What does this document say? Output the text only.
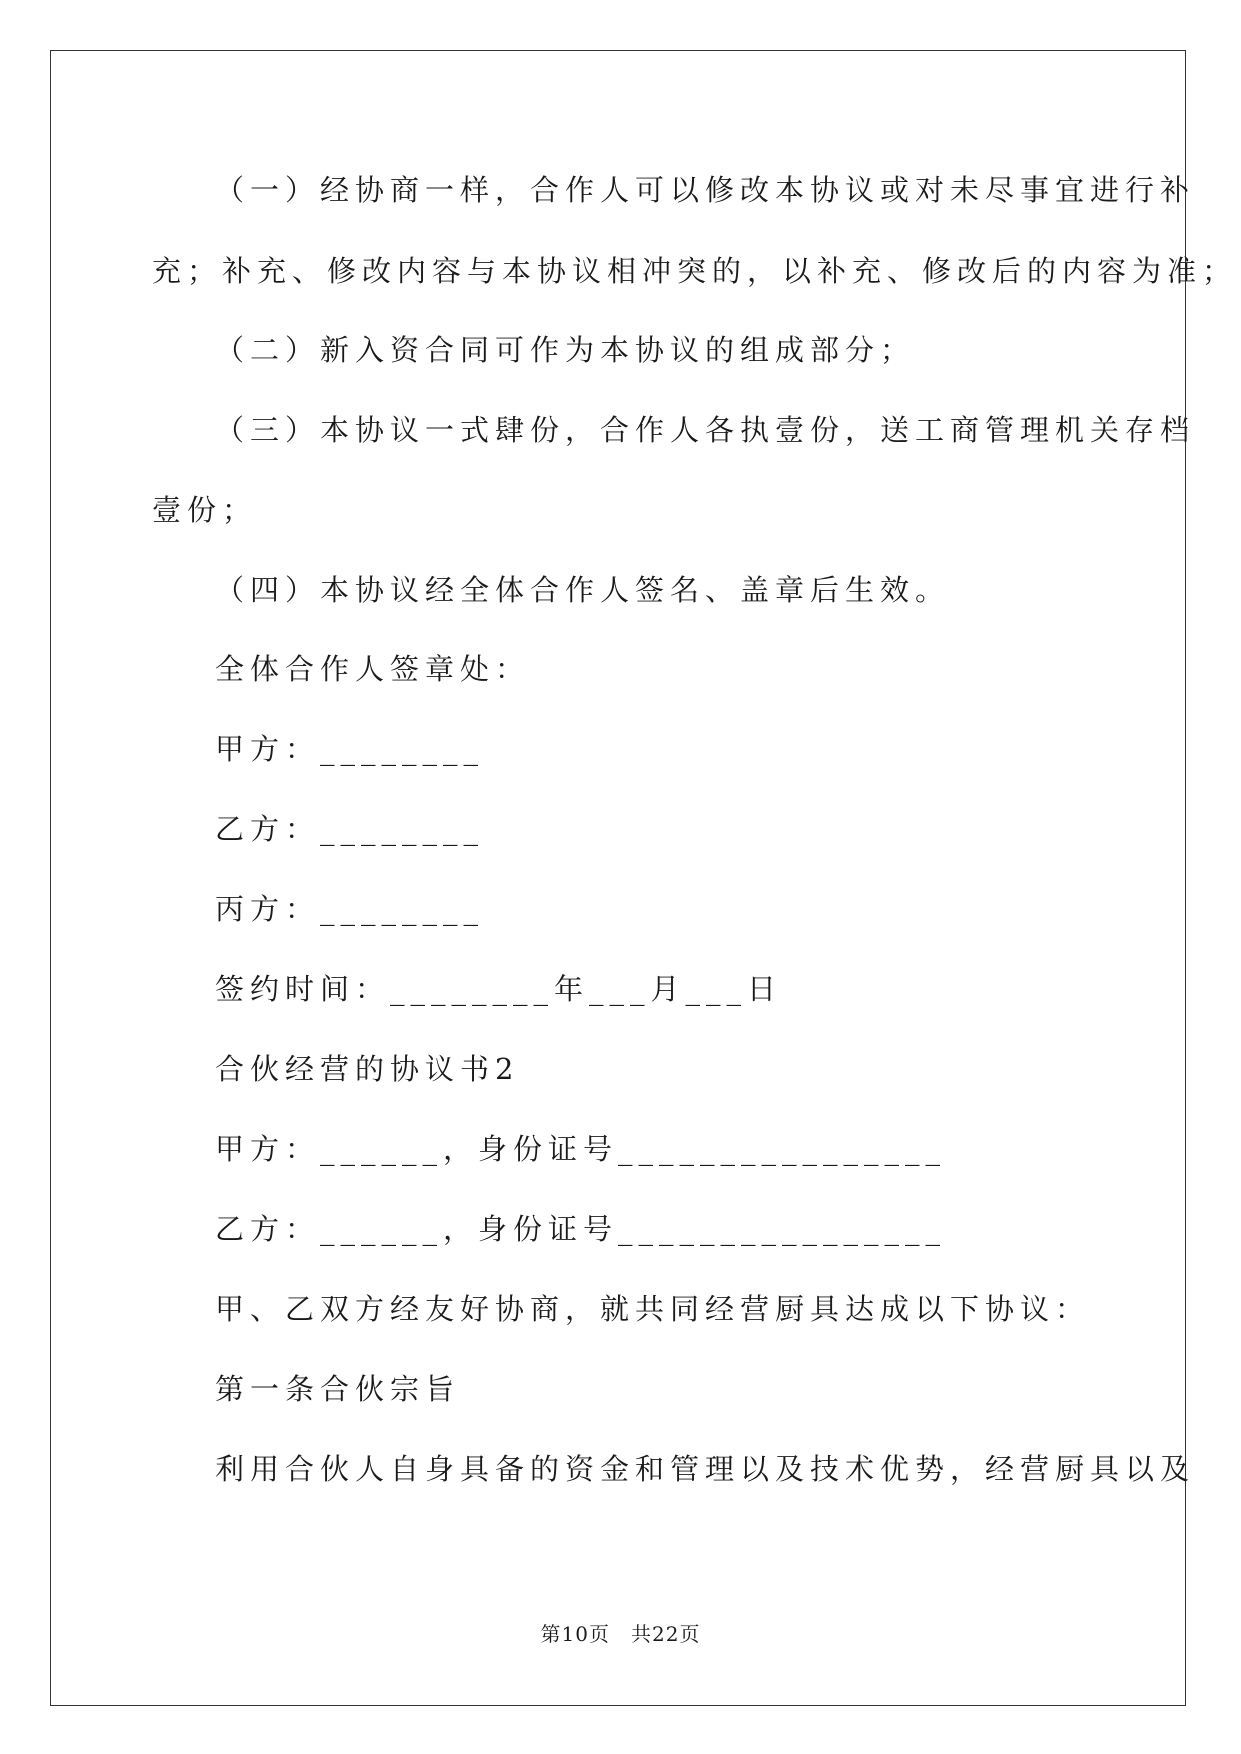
（一）经协商一样，合作人可以修改本协议或对未尽事宜进行补
充；补充、修改内容与本协议相冲突的，以补充、修改后的内容为准；
（二）新入资合同可作为本协议的组成部分；
（三）本协议一式肆份，合作人各执壹份，送工商管理机关存档
壹份；
（四）本协议经全体合作人签名、盖章后生效。
全体合作人签章处：
甲方：________
乙方：________
丙方：________
签约时间：________年___月___日
合伙经营的协议书2
甲方：______，身份证号________________
乙方：______，身份证号________________
甲、乙双方经友好协商，就共同经营厨具达成以下协议：
第一条合伙宗旨
利用合伙人自身具备的资金和管理以及技术优势，经营厨具以及
第10页　共22页
